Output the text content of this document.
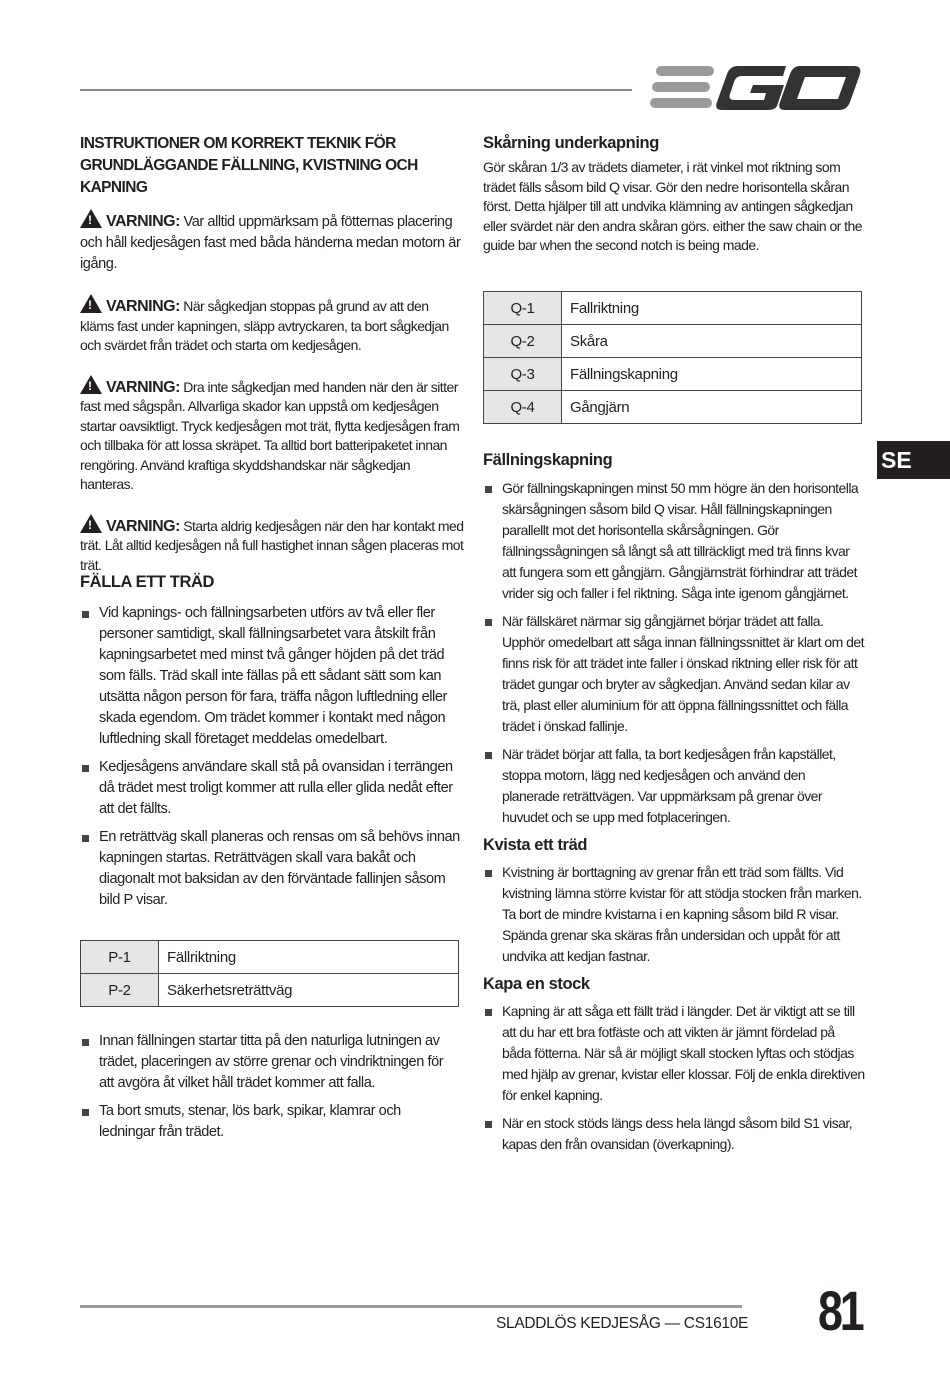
INSTRUKTIONER OM KORREKT TEKNIK FÖR
GRUNDLÄGGANDE FÄLLNING, KVISTNING OCH KAPNING

!VARNING: Var alltid uppmärksam på fötternas placering och håll kedjesågen fast med båda händerna medan motorn är igång.

!VARNING: När sågkedjan stoppas på grund av att den kläms fast under kapningen, släpp avtryckaren, ta bort sågkedjan och svärdet från trädet och starta om kedjesågen.

!VARNING: Dra inte sågkedjan med handen när den är sitter fast med sågspån. Allvarliga skador kan uppstå om kedjesågen startar oavsiktligt. Tryck kedjesågen mot trät, flytta kedjesågen fram och tillbaka för att lossa skräpet. Ta alltid bort batteripaketet innan rengöring. Använd kraftiga skyddshandskar när sågkedjan hanteras.

!VARNING: Starta aldrig kedjesågen när den har kontakt med trät. Låt alltid kedjesågen nå full hastighet innan sågen placeras mot trät.

FÄLLA ETT TRÄD
Vid kapnings- och fällningsarbeten utförs av två eller fler personer samtidigt, skall fällningsarbetet vara åtskilt från kapningsarbetet med minst två gånger höjden på det träd som fälls. Träd skall inte fällas på ett sådant sätt som kan utsätta någon person för fara, träffa någon luftledning eller skada egendom. Om trädet kommer i kontakt med någon luftledning skall företaget meddelas omedelbart.
Kedjesågens användare skall stå på ovansidan i terrängen då trädet mest troligt kommer att rulla eller glida nedåt efter att det fällts.
En reträttväg skall planeras och rensas om så behövs innan kapningen startas. Reträttvägen skall vara bakåt och diagonalt mot baksidan av den förväntade fallinjen såsom bild P visar.
P-1	Fällriktning
P-2	Säkerhetsreträttväg
Innan fällningen startar titta på den naturliga lutningen av trädet, placeringen av större grenar och vindriktningen för att avgöra åt vilket håll trädet kommer att falla.
Ta bort smuts, stenar, lös bark, spikar, klamrar och ledningar från trädet.
Skårning underkapning

Gör skåran 1/3 av trädets diameter, i rät vinkel mot riktning som trädet fälls såsom bild Q visar. Gör den nedre horisontella skåran först. Detta hjälper till att undvika klämning av antingen sågkedjan eller svärdet när den andra skåran görs. either the saw chain or the guide bar when the second notch is being made.

Q-1	Fallriktning
Q-2	Skåra
Q-3	Fällningskapning
Q-4	Gångjärn
Fällningskapning
Gör fällningskapningen minst 50 mm högre än den horisontella skärsågningen såsom bild Q visar. Håll fällningskapningen parallellt mot det horisontella skårsågningen. Gör fällningssågningen så långt så att tillräckligt med trä finns kvar att fungera som ett gångjärn. Gångjärnsträt förhindrar att trädet vrider sig och faller i fel riktning. Såga inte igenom gångjärnet.
När fällskäret närmar sig gångjärnet börjar trädet att falla. Upphör omedelbart att såga innan fällningssnittet är klart om det finns risk för att trädet inte faller i önskad riktning eller risk för att trädet gungar och bryter av sågkedjan. Använd sedan kilar av trä, plast eller aluminium för att öppna fällningssnittet och fälla trädet i önskad fallinje.
När trädet börjar att falla, ta bort kedjesågen från kapstället, stoppa motorn, lägg ned kedjesågen och använd den planerade reträttvägen. Var uppmärksam på grenar över huvudet och se upp med fotplaceringen.
Kvista ett träd
Kvistning är borttagning av grenar från ett träd som fällts. Vid kvistning lämna större kvistar för att stödja stocken från marken. Ta bort de mindre kvistarna i en kapning såsom bild R visar. Spända grenar ska skäras från undersidan och uppåt för att undvika att kedjan fastnar.
Kapa en stock
Kapning är att såga ett fällt träd i längder. Det är viktigt att se till att du har ett bra fotfäste och att vikten är jämnt fördelad på båda fötterna. När så är möjligt skall stocken lyftas och stödjas med hjälp av grenar, kvistar eller klossar. Följ de enkla direktiven för enkel kapning.
När en stock stöds längs dess hela längd såsom bild S1 visar, kapas den från ovansidan (överkapning).
SE
SLADDLÖS KEDJESÅG — CS1610E 81
